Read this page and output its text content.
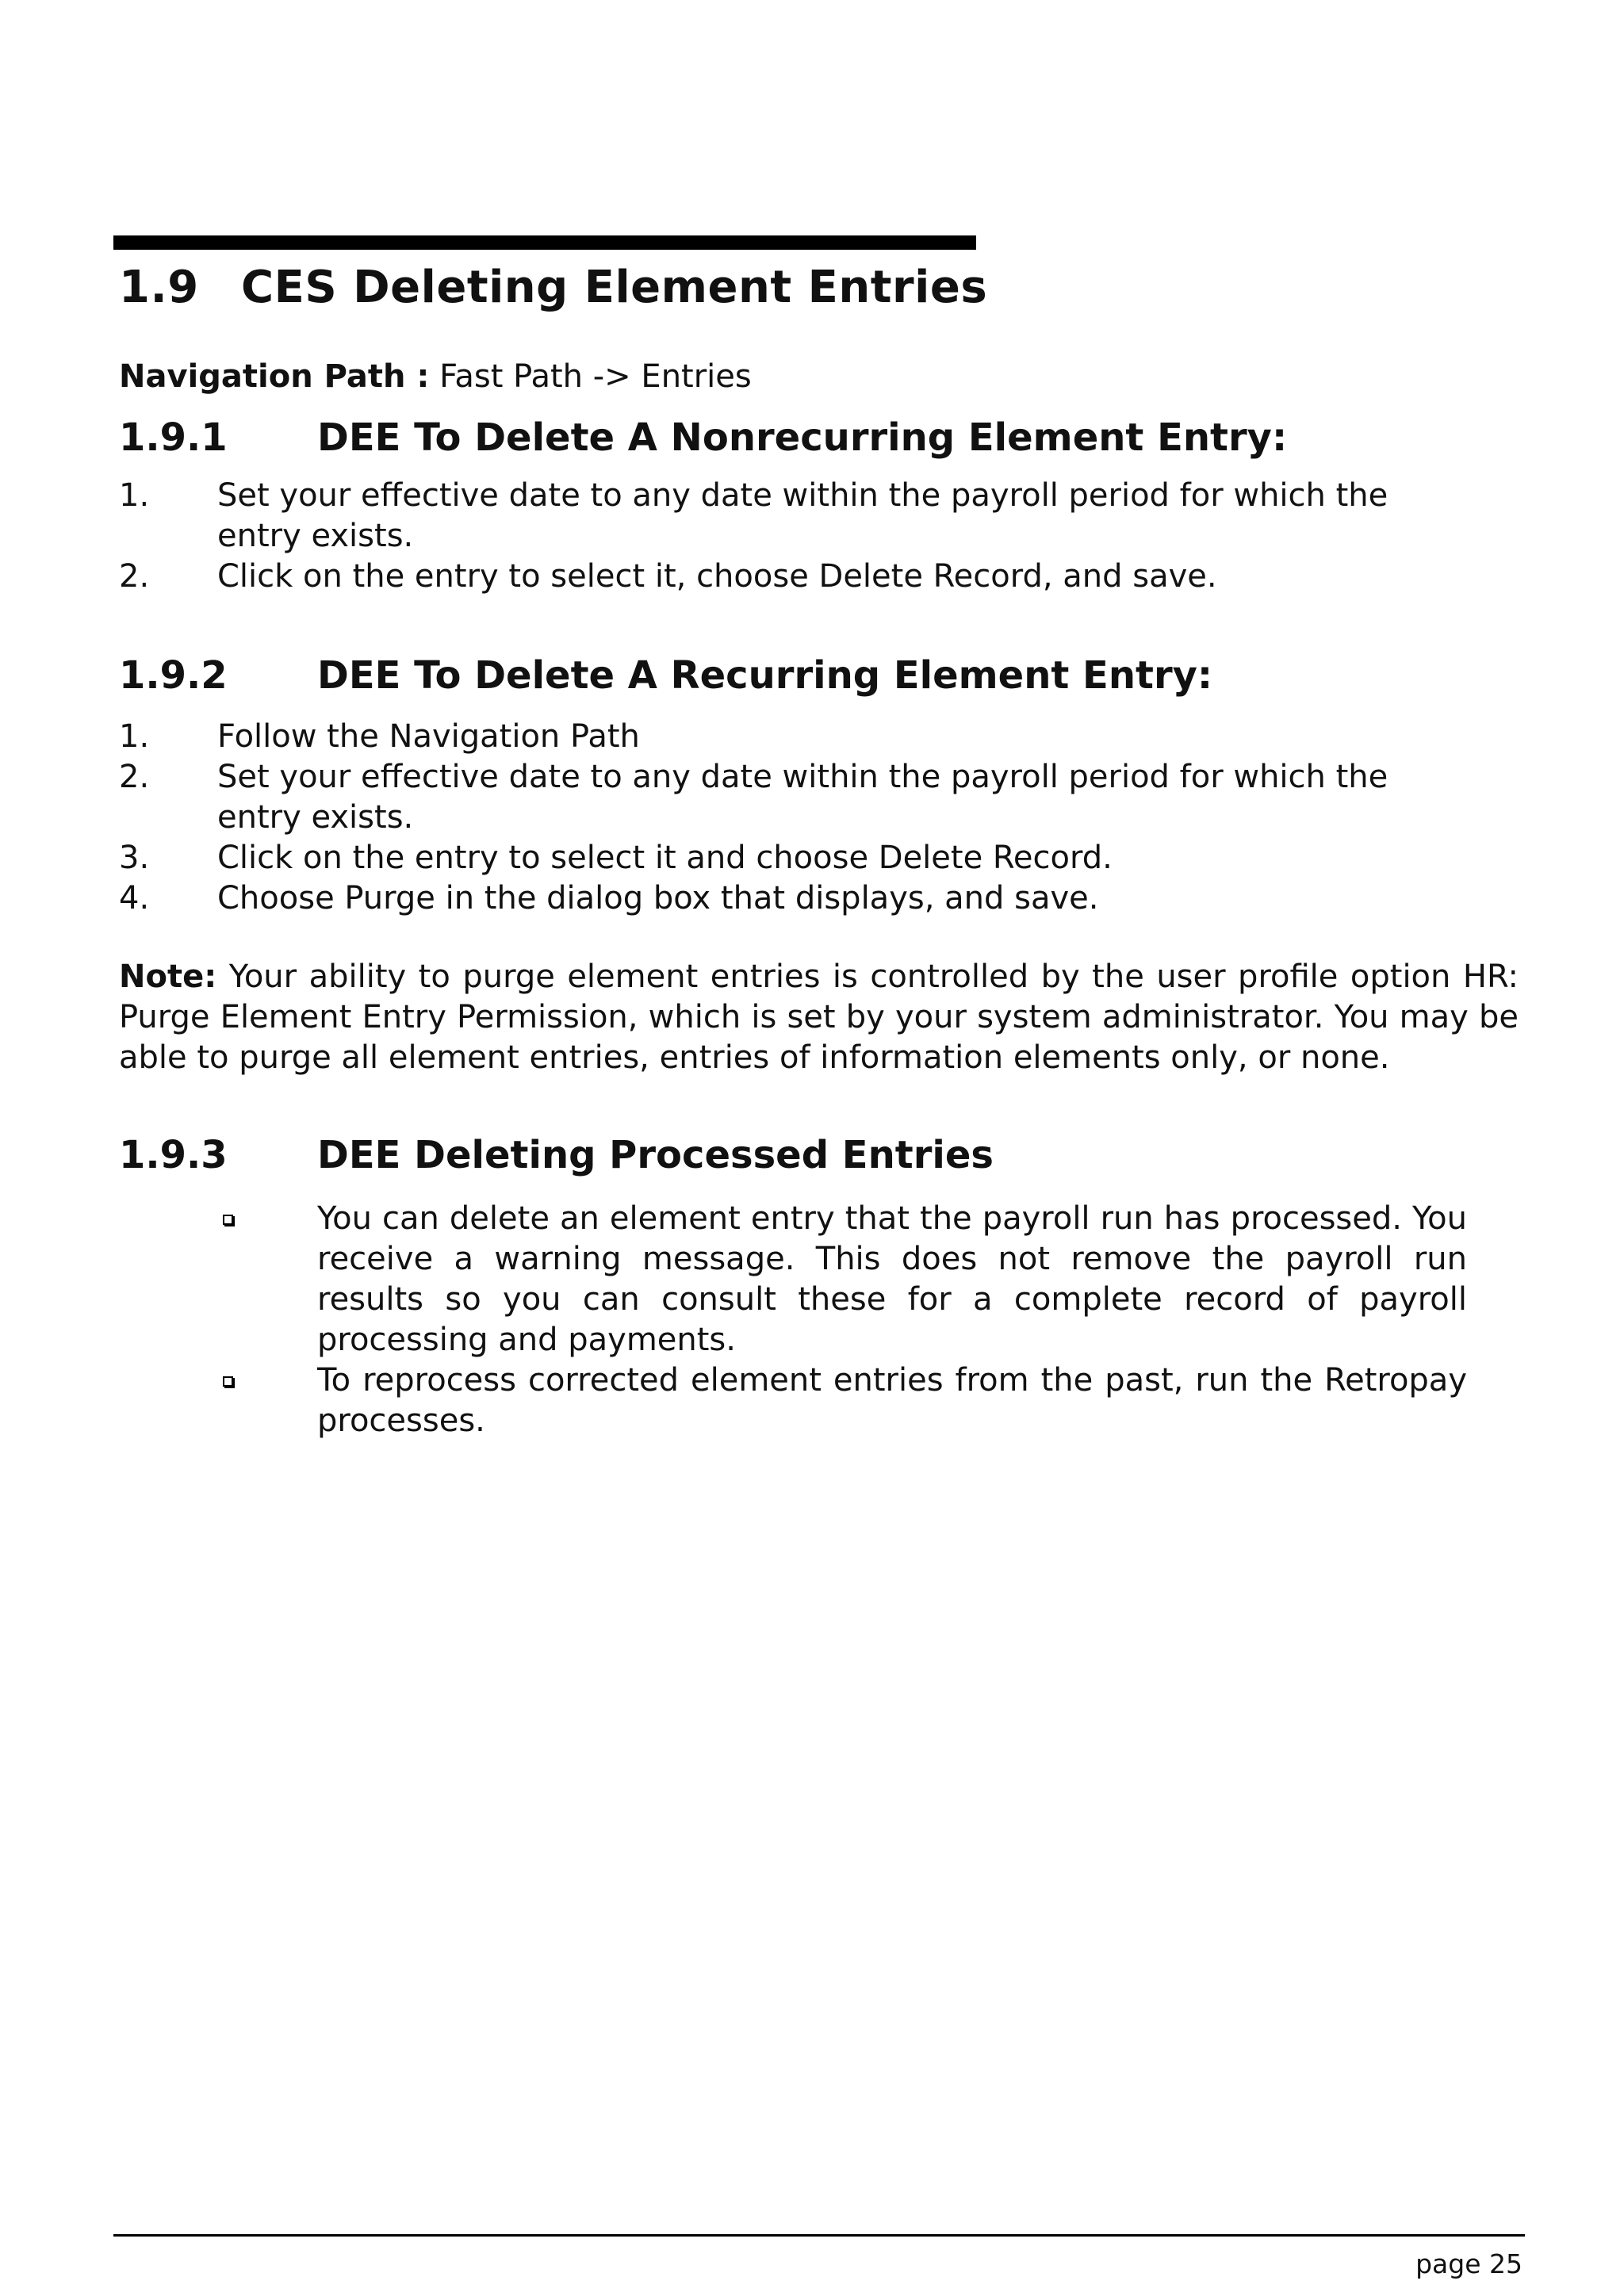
1.9 CES Deleting Element Entries
Navigation Path : Fast Path -> Entries
1.9.1 DEE To Delete A Nonrecurring Element Entry:
1. Set your effective date to any date within the payroll period for which the entry exists.
2. Click on the entry to select it, choose Delete Record, and save.
1.9.2 DEE To Delete A Recurring Element Entry:
1. Follow the Navigation Path
2. Set your effective date to any date within the payroll period for which the entry exists.
3. Click on the entry to select it and choose Delete Record.
4. Choose Purge in the dialog box that displays, and save.

Note: Your ability to purge element entries is controlled by the user profile option HR: Purge Element Entry Permission, which is set by your system administrator. You may be able to purge all element entries, entries of information elements only, or none.

1.9.3 DEE Deleting Processed Entries
You can delete an element entry that the payroll run has processed. You receive a warning message. This does not remove the payroll run results so you can consult these for a complete record of payroll processing and payments.
To reprocess corrected element entries from the past, run the Retropay processes.
page 25
